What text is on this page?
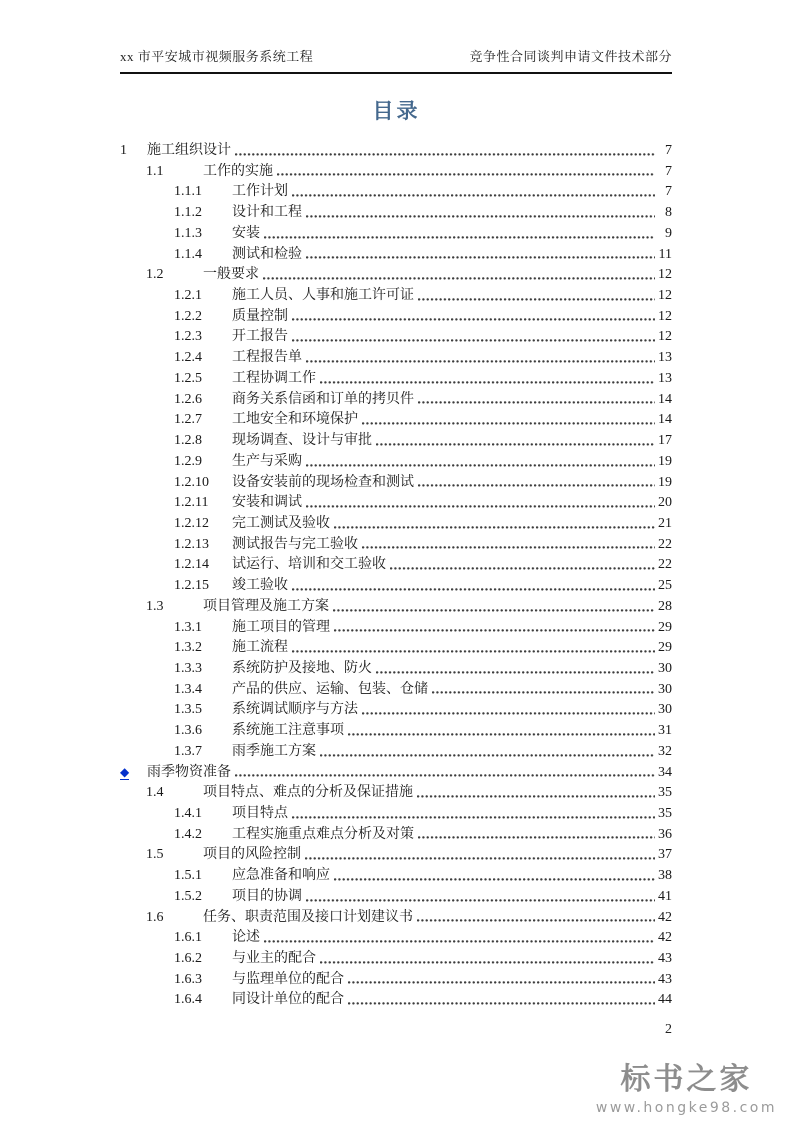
xx 市平安城市视频服务系统工程	竞争性合同谈判申请文件技术部分
目录
1	施工组织设计	7
1.1	工作的实施	7
1.1.1	工作计划	7
1.1.2	设计和工程	8
1.1.3	安装	9
1.1.4	测试和检验	11
1.2	一般要求	12
1.2.1	施工人员、人事和施工许可证	12
1.2.2	质量控制	12
1.2.3	开工报告	12
1.2.4	工程报告单	13
1.2.5	工程协调工作	13
1.2.6	商务关系信函和订单的拷贝件	14
1.2.7	工地安全和环境保护	14
1.2.8	现场调查、设计与审批	17
1.2.9	生产与采购	19
1.2.10	设备安装前的现场检查和测试	19
1.2.11	安装和调试	20
1.2.12	完工测试及验收	21
1.2.13	测试报告与完工验收	22
1.2.14	试运行、培训和交工验收	22
1.2.15	竣工验收	25
1.3	项目管理及施工方案	28
1.3.1	施工项目的管理	29
1.3.2	施工流程	29
1.3.3	系统防护及接地、防火	30
1.3.4	产品的供应、运输、包装、仓储	30
1.3.5	系统调试顺序与方法	30
1.3.6	系统施工注意事项	31
1.3.7	雨季施工方案	32
◆	雨季物资准备	34
1.4	项目特点、难点的分析及保证措施	35
1.4.1	项目特点	35
1.4.2	工程实施重点难点分析及对策	36
1.5	项目的风险控制	37
1.5.1	应急准备和响应	38
1.5.2	项目的协调	41
1.6	任务、职责范围及接口计划建议书	42
1.6.1	论述	42
1.6.2	与业主的配合	43
1.6.3	与监理单位的配合	43
1.6.4	同设计单位的配合	44
2
标书之家
www.hongke98.com
